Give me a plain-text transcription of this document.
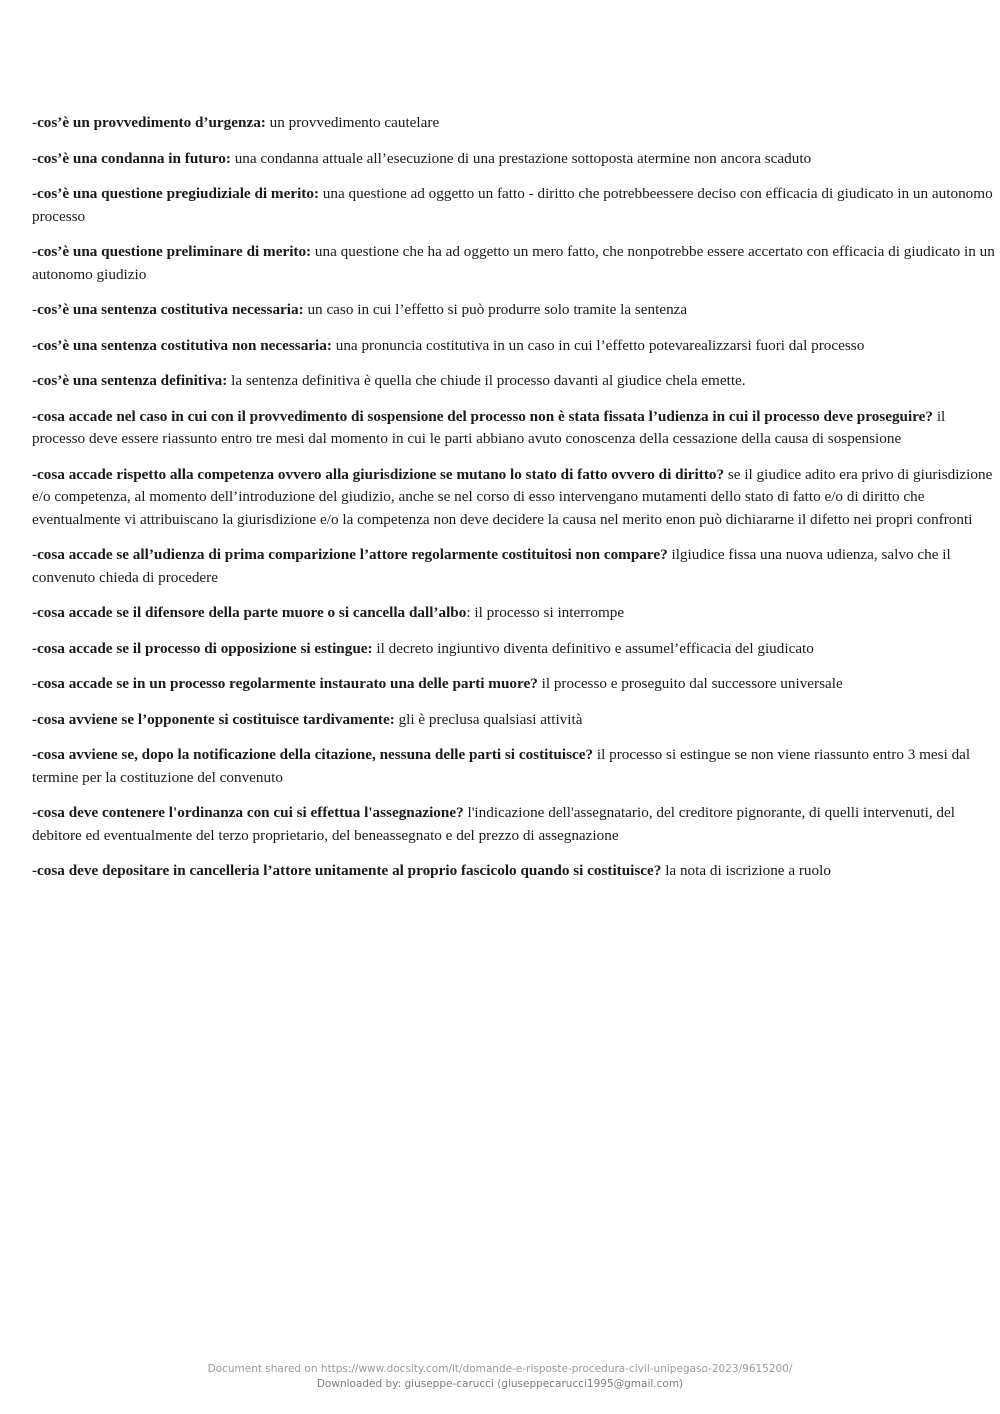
-cos’è un provvedimento d’urgenza: un provvedimento cautelare

-cos’è una condanna in futuro: una condanna attuale all’esecuzione di una prestazione sottoposta atermine non ancora scaduto

-cos’è una questione pregiudiziale di merito: una questione ad oggetto un fatto - diritto che potrebbeessere deciso con efficacia di giudicato in un autonomo processo

-cos’è una questione preliminare di merito: una questione che ha ad oggetto un mero fatto, che nonpotrebbe essere accertato con efficacia di giudicato in un autonomo giudizio

-cos’è una sentenza costitutiva necessaria: un caso in cui l’effetto si può produrre solo tramite la sentenza

-cos’è una sentenza costitutiva non necessaria: una pronuncia costitutiva in un caso in cui l’effetto potevarealizzarsi fuori dal processo

-cos’è una sentenza definitiva: la sentenza definitiva è quella che chiude il processo davanti al giudice chela emette.

-cosa accade nel caso in cui con il provvedimento di sospensione del processo non è stata fissata l’udienza in cui il processo deve proseguire? il processo deve essere riassunto entro tre mesi dal momento in cui le parti abbiano avuto conoscenza della cessazione della causa di sospensione

-cosa accade rispetto alla competenza ovvero alla giurisdizione se mutano lo stato di fatto ovvero di diritto? se il giudice adito era privo di giurisdizione e/o competenza, al momento dell’introduzione del giudizio, anche se nel corso di esso intervengano mutamenti dello stato di fatto e/o di diritto che eventualmente vi attribuiscano la giurisdizione e/o la competenza non deve decidere la causa nel merito enon può dichiararne il difetto nei propri confronti

-cosa accade se all’udienza di prima comparizione l’attore regolarmente costituitosi non compare? ilgiudice fissa una nuova udienza, salvo che il convenuto chieda di procedere

-cosa accade se il difensore della parte muore o si cancella dall’albo: il processo si interrompe

-cosa accade se il processo di opposizione si estingue: il decreto ingiuntivo diventa definitivo e assumel’efficacia del giudicato

-cosa accade se in un processo regolarmente instaurato una delle parti muore? il processo e proseguito dal successore universale

-cosa avviene se l’opponente si costituisce tardivamente: gli è preclusa qualsiasi attività

-cosa avviene se, dopo la notificazione della citazione, nessuna delle parti si costituisce? il processo si estingue se non viene riassunto entro 3 mesi dal termine per la costituzione del convenuto

-cosa deve contenere l'ordinanza con cui si effettua l'assegnazione? l'indicazione dell'assegnatario, del creditore pignorante, di quelli intervenuti, del debitore ed eventualmente del terzo proprietario, del beneassegnato e del prezzo di assegnazione

-cosa deve depositare in cancelleria l’attore unitamente al proprio fascicolo quando si costituisce? la nota di iscrizione a ruolo

Document shared on https://www.docsity.com/it/domande-e-risposte-procedura-civil-unipegaso-2023/9615200/
Downloaded by: giuseppe-carucci (giuseppecarucci1995@gmail.com)
